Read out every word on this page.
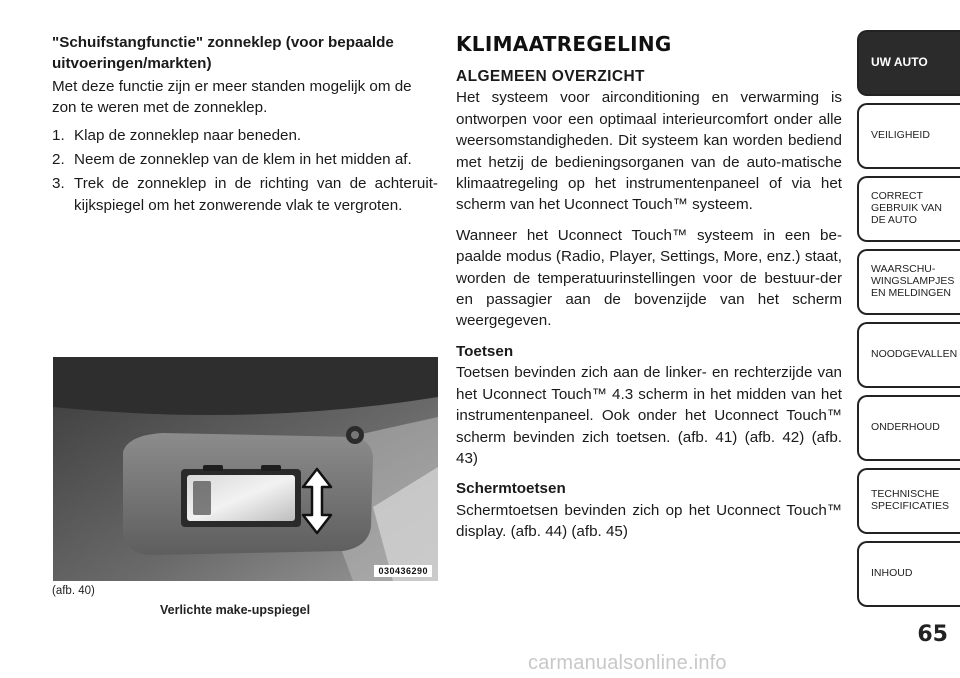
"Schuifstangfunctie" zonneklep (voor bepaalde uitvoeringen/markten)
Met deze functie zijn er meer standen mogelijk om de zon te weren met de zonneklep.
1. Klap de zonneklep naar beneden.
2. Neem de zonneklep van de klem in het midden af.
3. Trek de zonneklep in de richting van de achteruit-kijkspiegel om het zonwerende vlak te vergroten.
030436290
(afb. 40)
Verlichte make-upspiegel
KLIMAATREGELING
ALGEMEEN OVERZICHT

Het systeem voor airconditioning en verwarming is ontworpen voor een optimaal interieurcomfort onder alle weersomstandigheden. Dit systeem kan worden bediend met hetzij de bedieningsorganen van de auto-matische klimaatregeling op het instrumentenpaneel of via het scherm van het Uconnect Touch™ systeem.

Wanneer het Uconnect Touch™ systeem in een be-paalde modus (Radio, Player, Settings, More, enz.) staat, worden de temperatuurinstellingen voor de bestuur-der en passagier aan de bovenzijde van het scherm weergegeven.

Toetsen

Toetsen bevinden zich aan de linker- en rechterzijde van het Uconnect Touch™ 4.3 scherm in het midden van het instrumentenpaneel. Ook onder het Uconnect Touch™ scherm bevinden zich toetsen. (afb. 41) (afb. 42) (afb. 43)

Schermtoetsen

Schermtoetsen bevinden zich op het Uconnect Touch™ display. (afb. 44) (afb. 45)

UW AUTO
VEILIGHEID
CORRECT
GEBRUIK VAN
DE AUTO
WAARSCHU-
WINGSLAMPJES
EN MELDINGEN
NOODGEVALLEN
ONDERHOUD
TECHNISCHE
SPECIFICATIES
INHOUD
65
carmanualsonline.info
